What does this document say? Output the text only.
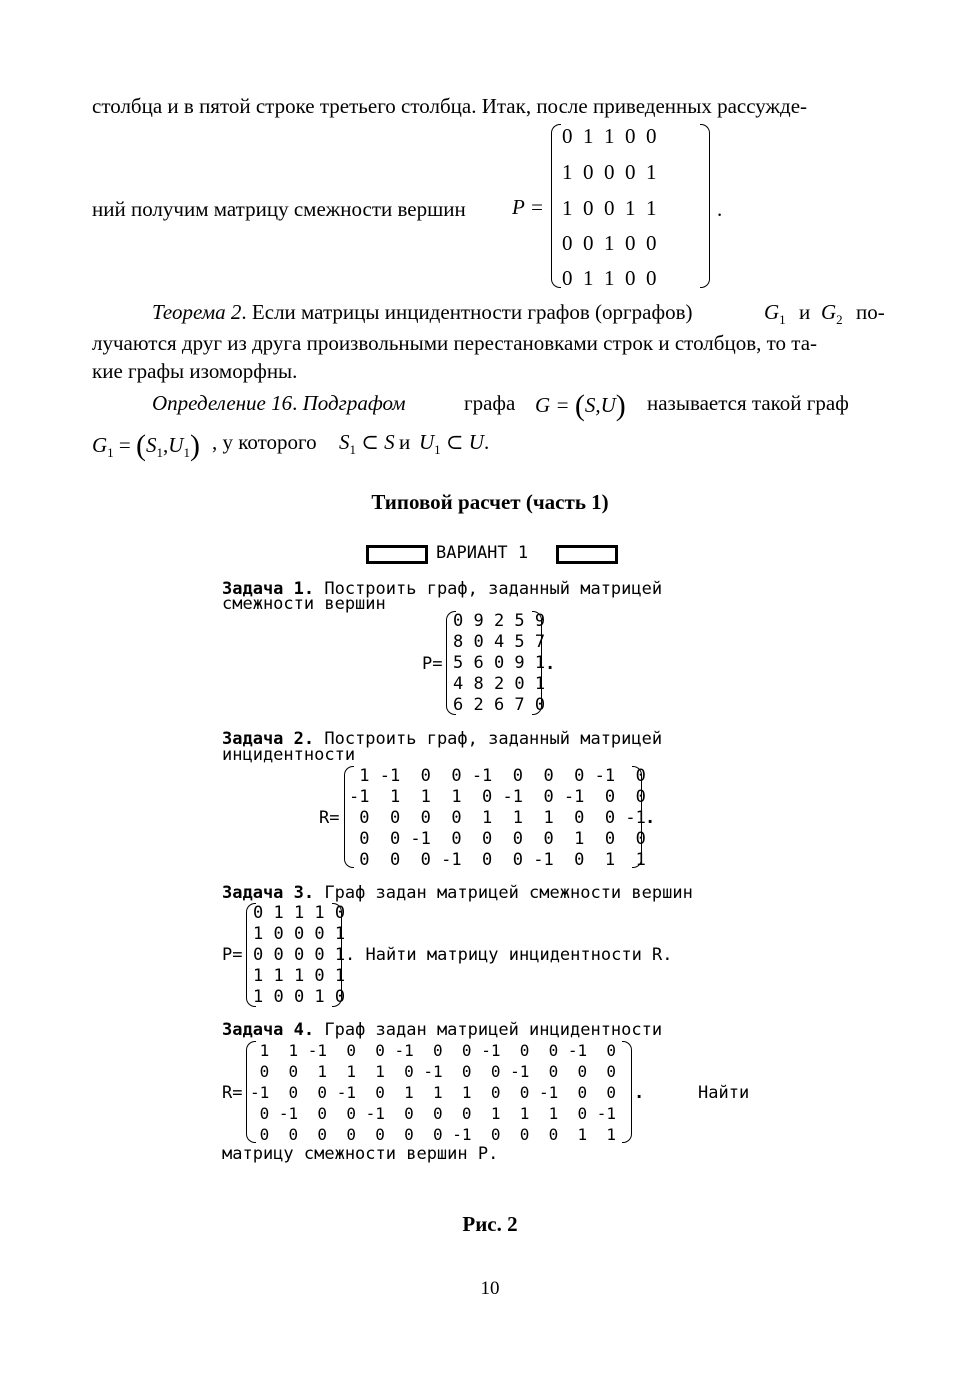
столбца и в пятой строке третьего столбца. Итак, после приведенных рассужде-
ний получим матрицу смежности вершин P =
0  1  1  0  0
1  0  0  0  1
1  0  0  1  1
0  0  1  0  0
0  1  1  0  0
.
Теорема 2. Если матрицы инцидентности графов (орграфов)	$G_1$ и $G_2$ по-
лучаются друг из друга произвольными перестановками строк и столбцов, то та-
кие графы изоморфны.
Определение 16. Подграфом	графа G = (S,U) называется такой граф
$G_1 = (S_1,U_1)$ , у которого $S_1$ ⊂ S и $U_1$ ⊂ U.
Типовой расчет (часть 1)
ВАРИАНТ 1
Задача 1. Построить граф, заданный матрицей
смежности вершин
P=
0 9 2 5 9
8 0 4 5 7
5 6 0 9 1
4 8 2 0 1
6 2 6 7 0
.
Задача 2. Построить граф, заданный матрицей
инцидентности
R=
1 -1  0  0 -1  0  0  0 -1  0
-1  1  1  1  0 -1  0 -1  0  0
0  0  0  0  1  1  1  0  0 -1
0  0 -1  0  0  0  0  1  0  0
0  0  0 -1  0  0 -1  0  1  1
.
Задача 3. Граф задан матрицей смежности вершин
P=
0 1 1 1 0
1 0 0 0 1
0 0 0 0 1
1 1 1 0 1
1 0 0 1 0
. Найти матрицу инцидентности R.
Задача 4. Граф задан матрицей инцидентности
R=
1  1 -1  0  0 -1  0  0 -1  0  0 -1  0
0  0  1  1  1  0 -1  0  0 -1  0  0  0
-1  0  0 -1  0  1  1  1  0  0 -1  0  0
0 -1  0  0 -1  0  0  0  1  1  1  0 -1
0  0  0  0  0  0  0 -1  0  0  0  1  1
.	Найти
матрицу смежности вершин P.
Рис. 2
10
